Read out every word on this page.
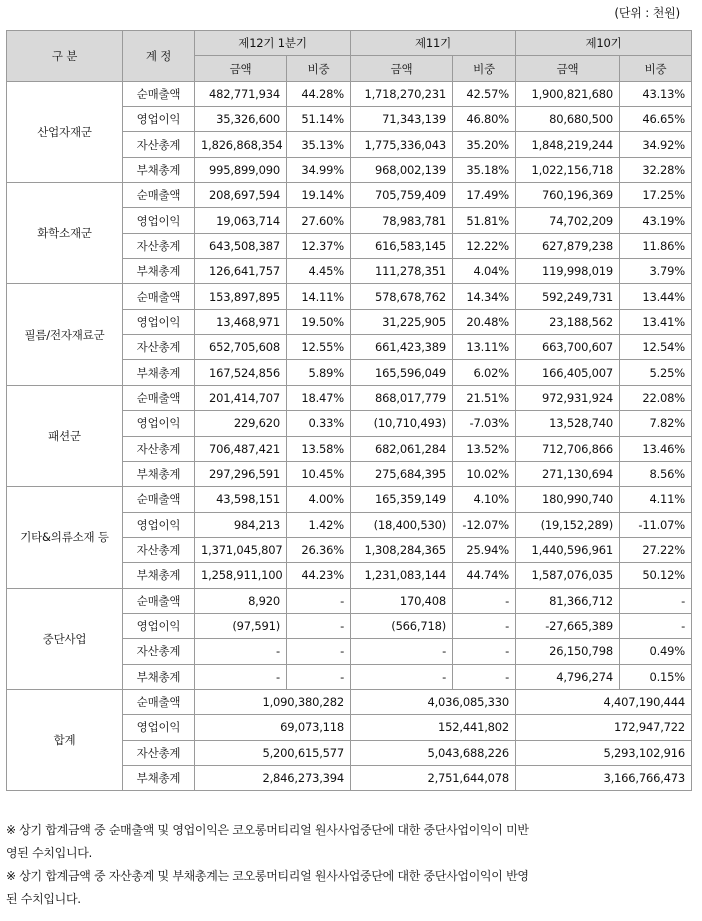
(단위 : 천원)
구 분	계 정	제12기 1분기		제11기		제10기	
		금액	비중	금액	비중	금액	비중
산업자재군	순매출액	482,771,934	44.28%	1,718,270,231	42.57%	1,900,821,680	43.13%
	영업이익	35,326,600	51.14%	71,343,139	46.80%	80,680,500	46.65%
	자산총계	1,826,868,354	35.13%	1,775,336,043	35.20%	1,848,219,244	34.92%
	부채총계	995,899,090	34.99%	968,002,139	35.18%	1,022,156,718	32.28%
화학소재군	순매출액	208,697,594	19.14%	705,759,409	17.49%	760,196,369	17.25%
	영업이익	19,063,714	27.60%	78,983,781	51.81%	74,702,209	43.19%
	자산총계	643,508,387	12.37%	616,583,145	12.22%	627,879,238	11.86%
	부채총계	126,641,757	4.45%	111,278,351	4.04%	119,998,019	3.79%
필름/전자재료군	순매출액	153,897,895	14.11%	578,678,762	14.34%	592,249,731	13.44%
	영업이익	13,468,971	19.50%	31,225,905	20.48%	23,188,562	13.41%
	자산총계	652,705,608	12.55%	661,423,389	13.11%	663,700,607	12.54%
	부채총계	167,524,856	5.89%	165,596,049	6.02%	166,405,007	5.25%
패션군	순매출액	201,414,707	18.47%	868,017,779	21.51%	972,931,924	22.08%
	영업이익	229,620	0.33%	(10,710,493)	-7.03%	13,528,740	7.82%
	자산총계	706,487,421	13.58%	682,061,284	13.52%	712,706,866	13.46%
	부채총계	297,296,591	10.45%	275,684,395	10.02%	271,130,694	8.56%
기타&의류소재 등	순매출액	43,598,151	4.00%	165,359,149	4.10%	180,990,740	4.11%
	영업이익	984,213	1.42%	(18,400,530)	-12.07%	(19,152,289)	-11.07%
	자산총계	1,371,045,807	26.36%	1,308,284,365	25.94%	1,440,596,961	27.22%
	부채총계	1,258,911,100	44.23%	1,231,083,144	44.74%	1,587,076,035	50.12%
중단사업	순매출액	8,920	-	170,408	-	81,366,712	-
	영업이익	(97,591)	-	(566,718)	-	-27,665,389	-
	자산총계	-	-	-	-	26,150,798	0.49%
	부채총계	-	-	-	-	4,796,274	0.15%
합계	순매출액	1,090,380,282		4,036,085,330		4,407,190,444	
	영업이익	69,073,118		152,441,802		172,947,722	
	자산총계	5,200,615,577		5,043,688,226		5,293,102,916	
	부채총계	2,846,273,394		2,751,644,078		3,166,766,473	

※ 상기 합계금액 중 순매출액 및 영업이익은 코오롱머티리얼 원사사업중단에 대한 중단사업이익이 미반

영된 수치입니다.

※ 상기 합계금액 중 자산총계 및 부채총계는 코오롱머티리얼 원사사업중단에 대한 중단사업이익이 반영

된 수치입니다.
